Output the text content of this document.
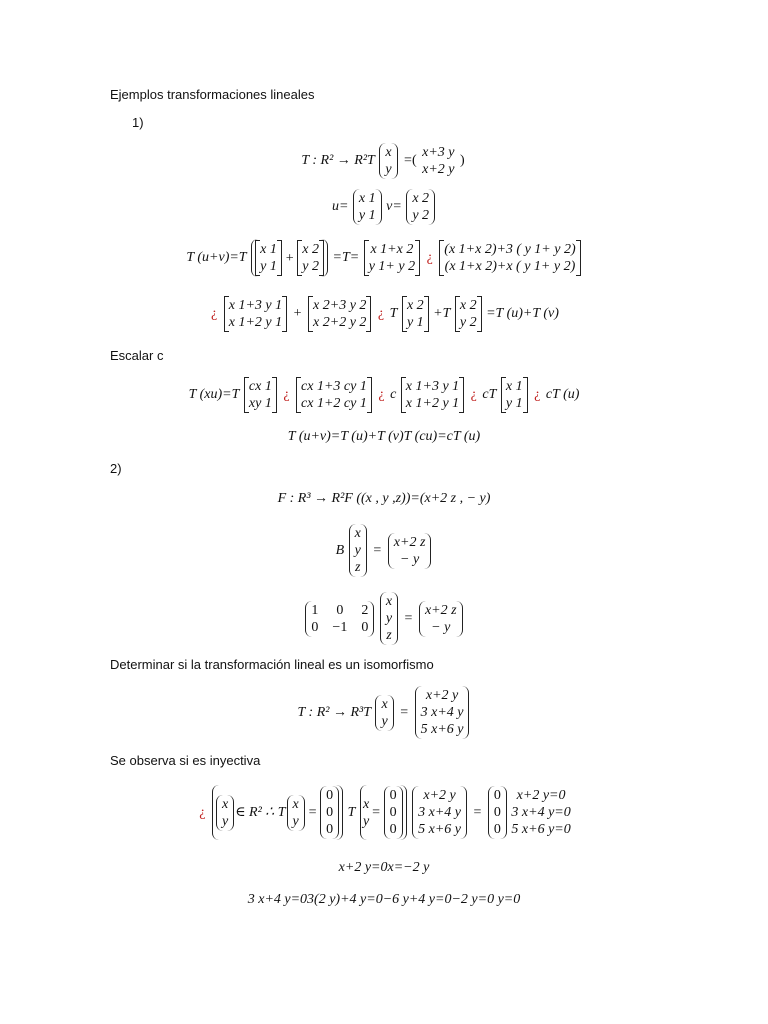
Ejemplos transformaciones lineales
1)
T : R² → R²T
x
y
=(
x+3 y
x+2 y
)
u=
x 1
y 1
v=
x 2
y 2
T (u+v)=T
x 1
y 1
+
x 2
y 2
=T=
x 1+x 2
y 1+ y 2
¿
(x 1+x 2)+3 ( y 1+ y 2)
(x 1+x 2)+x ( y 1+ y 2)
¿
x 1+3 y 1
x 1+2 y 1
+
x 2+3 y 2
x 2+2 y 2
¿ T
x 2
y 1
+T
x 2
y 2
=T (u)+T (v)
Escalar c
T (xu)=T
cx 1
xy 1
¿
cx 1+3 cy 1
cx 1+2 cy 1
¿ c
x 1+3 y 1
x 1+2 y 1
¿ cT
x 1
y 1
¿ cT (u)
T (u+v)=T (u)+T (v)T (cu)=cT (u)
2)
F : R³ → R²F ((x , y ,z))=(x+2 z , − y)
B
x
y
z
=
x+2 z
− y
1 0 2
0 −1 0

x
y
z
=
x+2 z
− y
Determinar si la transformación lineal es un isomorfismo
T : R² → R³T
x
y
=
x+2 y
3 x+4 y
5 x+6 y
Se observa si es inyectiva
¿
x
y
∈ R² ∴ T
x
y
=
0
0
0
T
x
y
=
0
0
0

x+2 y
3 x+4 y
5 x+6 y
=
0
0
0

x+2 y=0
3 x+4 y=0
5 x+6 y=0
x+2 y=0x=−2 y
3 x+4 y=03(2 y)+4 y=0−6 y+4 y=0−2 y=0 y=0
